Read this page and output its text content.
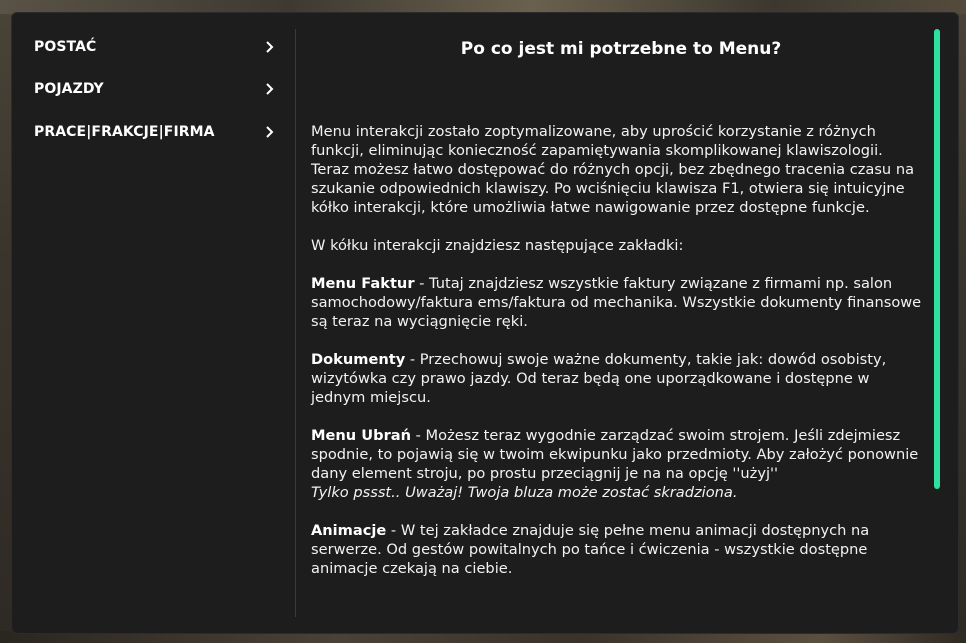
POSTAĆ
POJAZDY
PRACE|FRAKCJE|FIRMA
Po co jest mi potrzebne to Menu?

Menu interakcji zostało zoptymalizowane, aby uprościć korzystanie z różnych funkcji, eliminując konieczność zapamiętywania skomplikowanej klawiszologii. Teraz możesz łatwo dostępować do różnych opcji, bez zbędnego tracenia czasu na szukanie odpowiednich klawiszy. Po wciśnięciu klawisza F1, otwiera się intuicyjne kółko interakcji, które umożliwia łatwe nawigowanie przez dostępne funkcje.

W kółku interakcji znajdziesz następujące zakładki:

Menu Faktur - Tutaj znajdziesz wszystkie faktury związane z firmami np. salon samochodowy/faktura ems/faktura od mechanika. Wszystkie dokumenty finansowe są teraz na wyciągnięcie ręki.

Dokumenty - Przechowuj swoje ważne dokumenty, takie jak: dowód osobisty, wizytówka czy prawo jazdy. Od teraz będą one uporządkowane i dostępne w jednym miejscu.

Menu Ubrań - Możesz teraz wygodnie zarządzać swoim strojem. Jeśli zdejmiesz spodnie, to pojawią się w twoim ekwipunku jako przedmioty. Aby założyć ponownie dany element stroju, po prostu przeciągnij je na na opcję ''użyj''
Tylko pssst.. Uważaj! Twoja bluza może zostać skradziona.

Animacje - W tej zakładce znajduje się pełne menu animacji dostępnych na serwerze. Od gestów powitalnych po tańce i ćwiczenia - wszystkie dostępne animacje czekają na ciebie.
